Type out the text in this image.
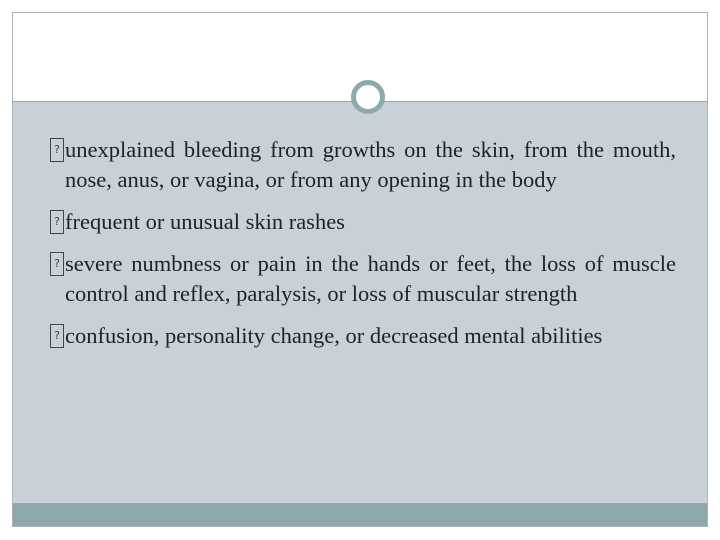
? unexplained bleeding from growths on the skin, from the mouth, nose, anus, or vagina, or from any opening in the body
? frequent or unusual skin rashes
? severe numbness or pain in the hands or feet, the loss of muscle control and reflex, paralysis, or loss of muscular strength
? confusion, personality change, or decreased mental abilities
